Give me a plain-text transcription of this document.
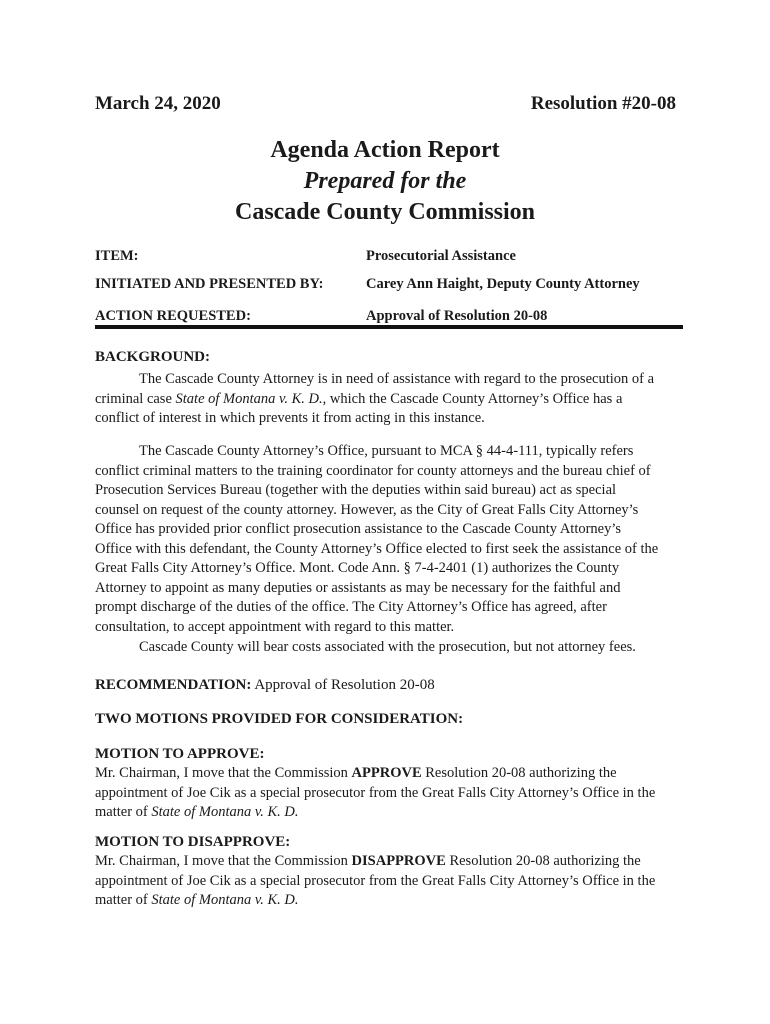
March 24, 2020	Resolution #20-08
Agenda Action Report
Prepared for the
Cascade County Commission
ITEM:	Prosecutorial Assistance
INITIATED AND PRESENTED BY:	Carey Ann Haight, Deputy County Attorney
ACTION REQUESTED:	Approval of Resolution 20-08
BACKGROUND:
The Cascade County Attorney is in need of assistance with regard to the prosecution of a
criminal case State of Montana v. K. D., which the Cascade County Attorney’s Office has a
conflict of interest in which prevents it from acting in this instance.
The Cascade County Attorney’s Office, pursuant to MCA § 44-4-111, typically refers
conflict criminal matters to the training coordinator for county attorneys and the bureau chief of
Prosecution Services Bureau (together with the deputies within said bureau) act as special
counsel on request of the county attorney. However, as the City of Great Falls City Attorney’s
Office has provided prior conflict prosecution assistance to the Cascade County Attorney’s
Office with this defendant, the County Attorney’s Office elected to first seek the assistance of the
Great Falls City Attorney’s Office. Mont. Code Ann. § 7-4-2401 (1) authorizes the County
Attorney to appoint as many deputies or assistants as may be necessary for the faithful and
prompt discharge of the duties of the office. The City Attorney’s Office has agreed, after
consultation, to accept appointment with regard to this matter.
Cascade County will bear costs associated with the prosecution, but not attorney fees.
RECOMMENDATION: Approval of Resolution 20-08
TWO MOTIONS PROVIDED FOR CONSIDERATION:
MOTION TO APPROVE:
Mr. Chairman, I move that the Commission APPROVE Resolution 20-08 authorizing the
appointment of Joe Cik as a special prosecutor from the Great Falls City Attorney’s Office in the
matter of State of Montana v. K. D.
MOTION TO DISAPPROVE:
Mr. Chairman, I move that the Commission DISAPPROVE Resolution 20-08 authorizing the
appointment of Joe Cik as a special prosecutor from the Great Falls City Attorney’s Office in the
matter of State of Montana v. K. D.
